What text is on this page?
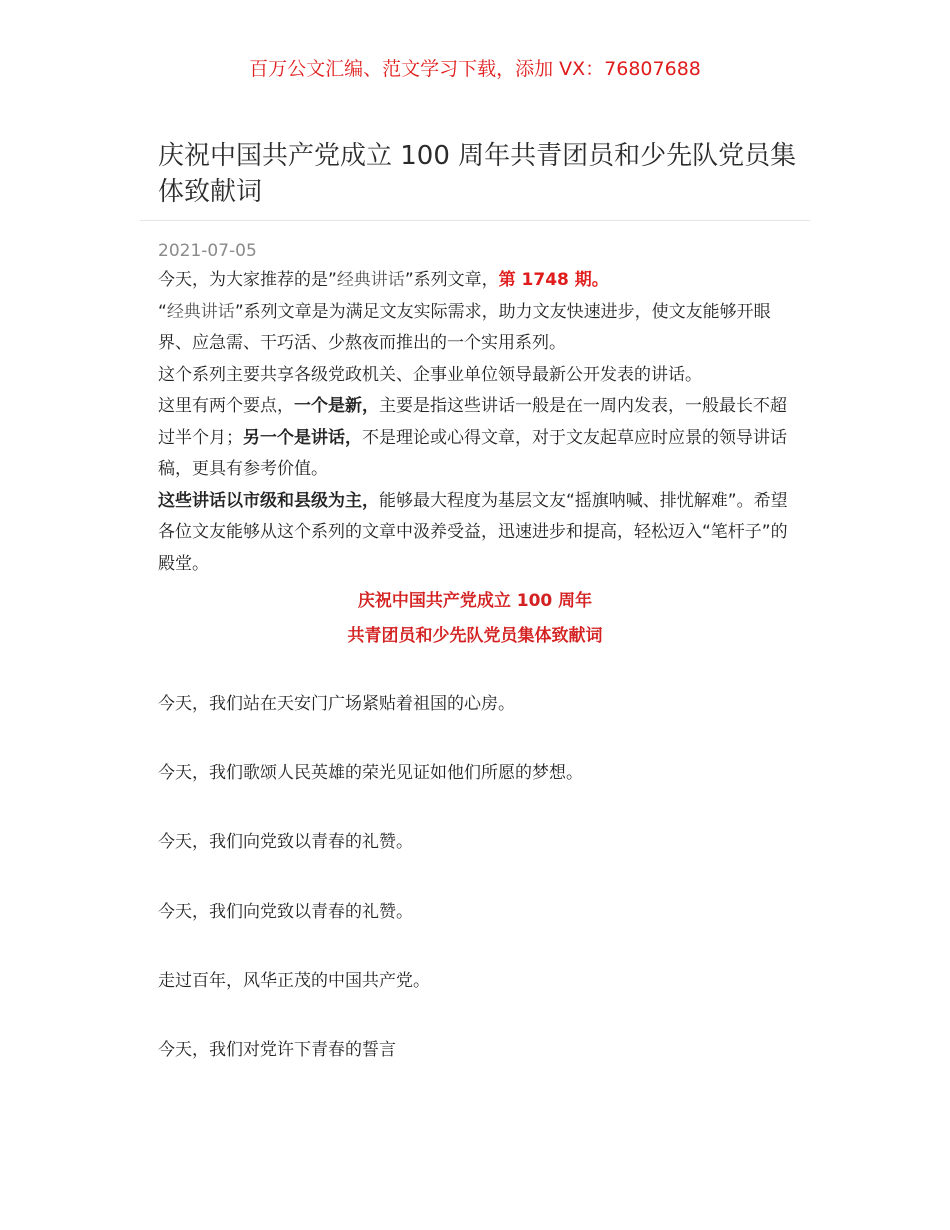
百万公文汇编、范文学习下载，添加 VX：76807688
庆祝中国共产党成立 100 周年共青团员和少先队党员集体致献词
2021-07-05

今天，为大家推荐的是”经典讲话”系列文章，第 1748 期。

“经典讲话”系列文章是为满足文友实际需求，助力文友快速进步，使文友能够开眼界、应急需、干巧活、少熬夜而推出的一个实用系列。

这个系列主要共享各级党政机关、企事业单位领导最新公开发表的讲话。

这里有两个要点，一个是新，主要是指这些讲话一般是在一周内发表，一般最长不超过半个月；另一个是讲话，不是理论或心得文章，对于文友起草应时应景的领导讲话稿，更具有参考价值。

这些讲话以市级和县级为主，能够最大程度为基层文友“摇旗呐喊、排忧解难”。希望各位文友能够从这个系列的文章中汲养受益，迅速进步和提高，轻松迈入“笔杆子”的殿堂。

庆祝中国共产党成立 100 周年
共青团员和少先队党员集体致献词
今天，我们站在天安门广场紧贴着祖国的心房。
今天，我们歌颂人民英雄的荣光见证如他们所愿的梦想。
今天，我们向党致以青春的礼赞。
今天，我们向党致以青春的礼赞。
走过百年，风华正茂的中国共产党。
今天，我们对党许下青春的誓言
